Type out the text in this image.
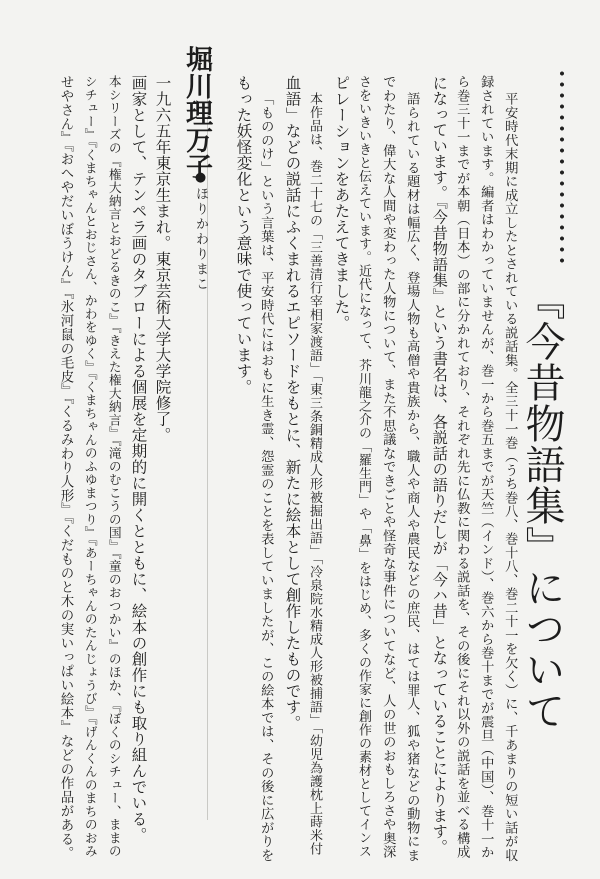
『今昔物語集』について
平安時代末期に成立したとされている説話集。全三十一巻（うち巻八、巻十八、巻二十一を欠く）に、千あまりの短い話が収
録されています。編者はわかっていませんが、巻一から巻五までが天竺（インド）、巻六から巻十までが震旦（中国）、巻十一か
ら巻三十一までが本朝（日本）の部に分かれており、それぞれ先に仏教に関わる説話を、その後にそれ以外の説話を並べる構成
になっています。『今昔物語集』という書名は、各説話の語りだしが「今ハ昔」となっていることによります。
語られている題材は幅広く、登場人物も高僧や貴族から、職人や商人や農民などの庶民、はては罪人、狐や猪などの動物にま
でわたり、偉大な人間や変わった人物について、また不思議なできごとや怪奇な事件についてなど、人の世のおもしろさや奥深
さをいきいきと伝えています。近代になって、芥川龍之介の「羅生門」や「鼻」をはじめ、多くの作家に創作の素材としてインス
ピレーションをあたえてきました。
本作品は、巻二十七の「三善清行宰相家渡語」「東三条銅精成人形被掘出語」「冷泉院水精成人形被捕語」「幼児為護枕上蒔米付
血語」などの説話にふくまれるエピソードをもとに、新たに絵本として創作したものです。
「もののけ」という言葉は、平安時代にはおもに生き霊、怨霊のことを表していましたが、この絵本では、その後に広がりを
もった妖怪変化という意味で使っています。
堀川理万子
●ほりかわりまこ
一九六五年東京生まれ。東京芸術大学大学院修了。
画家として、テンペラ画のタブローによる個展を定期的に開くとともに、絵本の創作にも取り組んでいる。
本シリーズの『権大納言とおどるきのこ』『きえた権大納言』『滝のむこうの国』『童のおつかい』のほか、『ぼくのシチュー、ままの
シチュー』『くまちゃんとおじさん、かわをゆく』『くまちゃんのふゆまつり』『あーちゃんのたんじょうび』『げんくんのまちのおみ
せやさん』『おへやだいぼうけん』『氷河鼠の毛皮』『くるみわり人形』『くだものと木の実いっぱい絵本』などの作品がある。
